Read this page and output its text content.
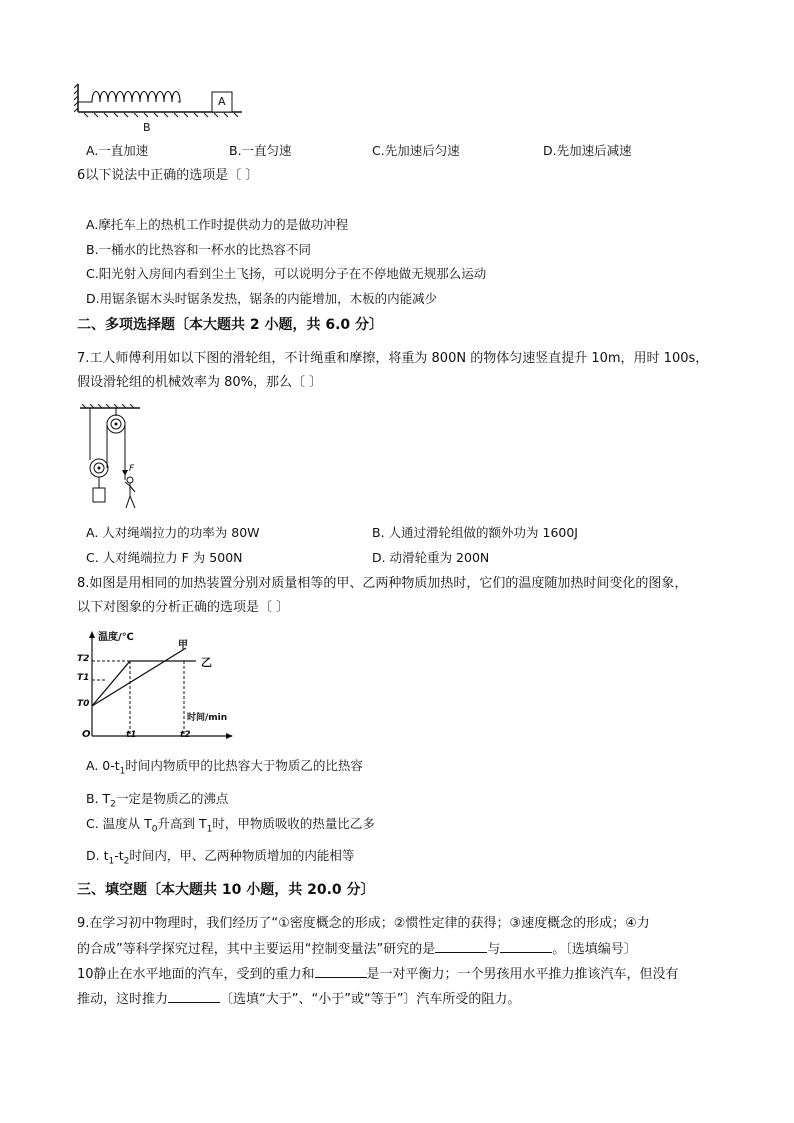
A
B
A.一直加速	B.一直匀速	C.先加速后匀速	D.先加速后减速
6以下说法中正确的选项是〔 〕
A.摩托车上的热机工作时提供动力的是做功冲程
B.一桶水的比热容和一杯水的比热容不同
C.阳光射入房间内看到尘土飞扬，可以说明分子在不停地做无规那么运动
D.用锯条锯木头时锯条发热，锯条的内能增加，木板的内能减少
二、多项选择题〔本大题共 2 小题，共 6.0 分〕
7.工人师傅利用如以下图的滑轮组，不计绳重和摩擦，将重为 800N 的物体匀速竖直提升 10m，用时 100s，
假设滑轮组的机械效率为 80%，那么〔 〕
F
A. 人对绳端拉力的功率为 80W	B. 人通过滑轮组做的额外功为 1600J
C. 人对绳端拉力 F 为 500N	D. 动滑轮重为 200N
8.如图是用相同的加热装置分别对质量相等的甲、乙两种物质加热时，它们的温度随加热时间变化的图象，
以下对图象的分析正确的选项是〔 〕
温度/℃
甲
乙
T2
T1
T0
时间/min
O	t1	t2
A. $0-t_1$时间内物质甲的比热容大于物质乙的比热容
B. $T_2$一定是物质乙的沸点
C. 温度从 $T_0$升高到 $T_1$时，甲物质吸收的热量比乙多
D. $t_1-t_2$时间内，甲、乙两种物质增加的内能相等
三、填空题〔本大题共 10 小题，共 20.0 分〕
9.在学习初中物理时，我们经历了“①密度概念的形成；②惯性定律的获得；③速度概念的形成；④力
的合成”等科学探究过程，其中主要运用“控制变量法”研究的是	与	。〔选填编号〕
10静止在水平地面的汽车，受到的重力和	是一对平衡力；一个男孩用水平推力推该汽车，但没有
推动，这时推力	〔选填“大于”、“小于”或“等于”〕汽车所受的阻力。
